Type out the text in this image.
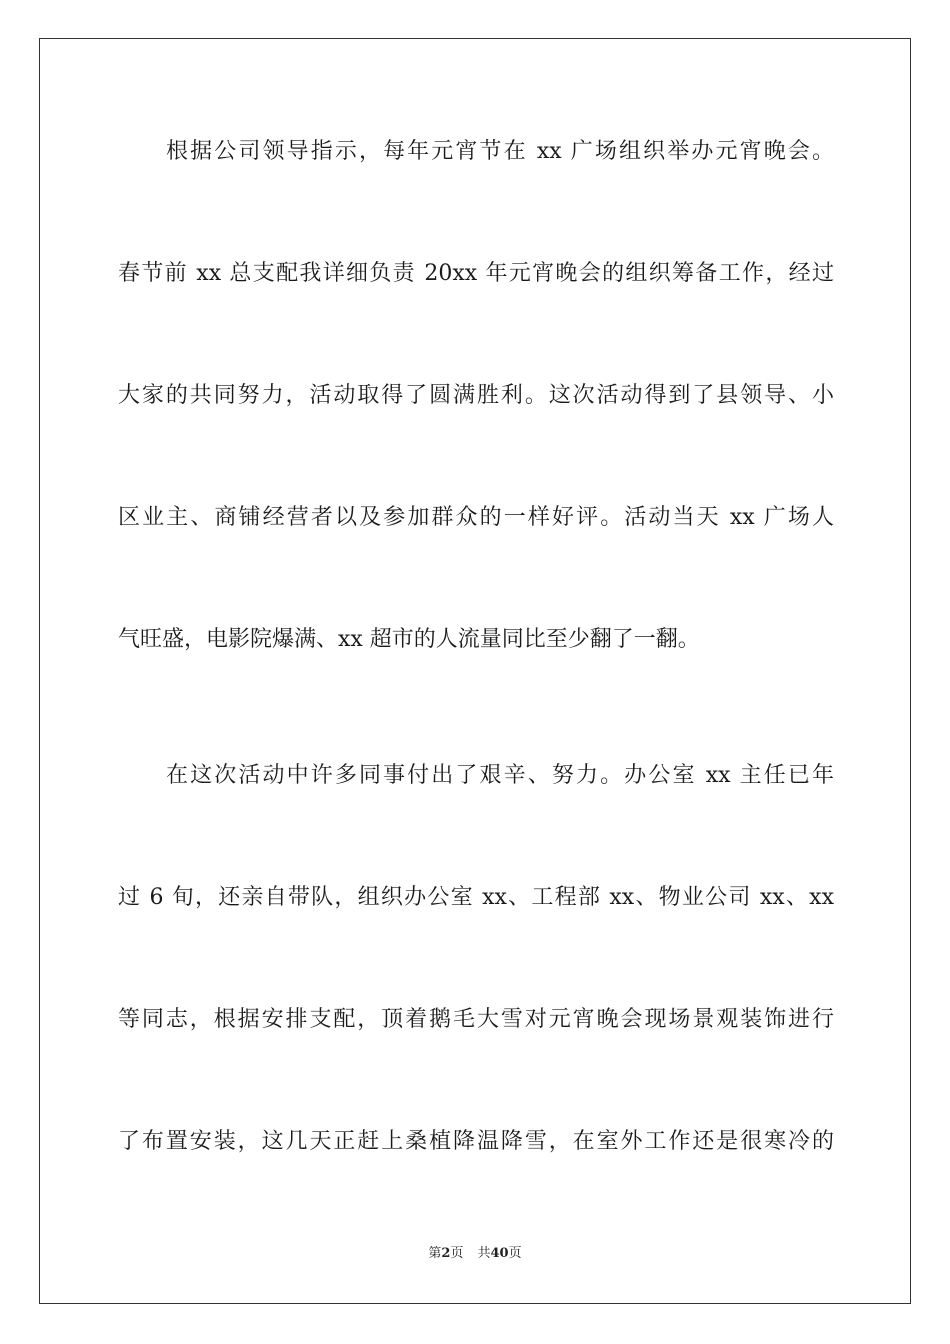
根据公司领导指示，每年元宵节在 xx 广场组织举办元宵晚会。
春节前 xx 总支配我详细负责 20xx 年元宵晚会的组织筹备工作，经过
大家的共同努力，活动取得了圆满胜利。这次活动得到了县领导、小
区业主、商铺经营者以及参加群众的一样好评。活动当天 xx 广场人
气旺盛，电影院爆满、xx 超市的人流量同比至少翻了一翻。
在这次活动中许多同事付出了艰辛、努力。办公室 xx 主任已年
过 6 旬，还亲自带队，组织办公室 xx、工程部 xx、物业公司 xx、xx
等同志，根据安排支配，顶着鹅毛大雪对元宵晚会现场景观装饰进行
了布置安装，这几天正赶上桑植降温降雪，在室外工作还是很寒冷的
第2页 共40页
